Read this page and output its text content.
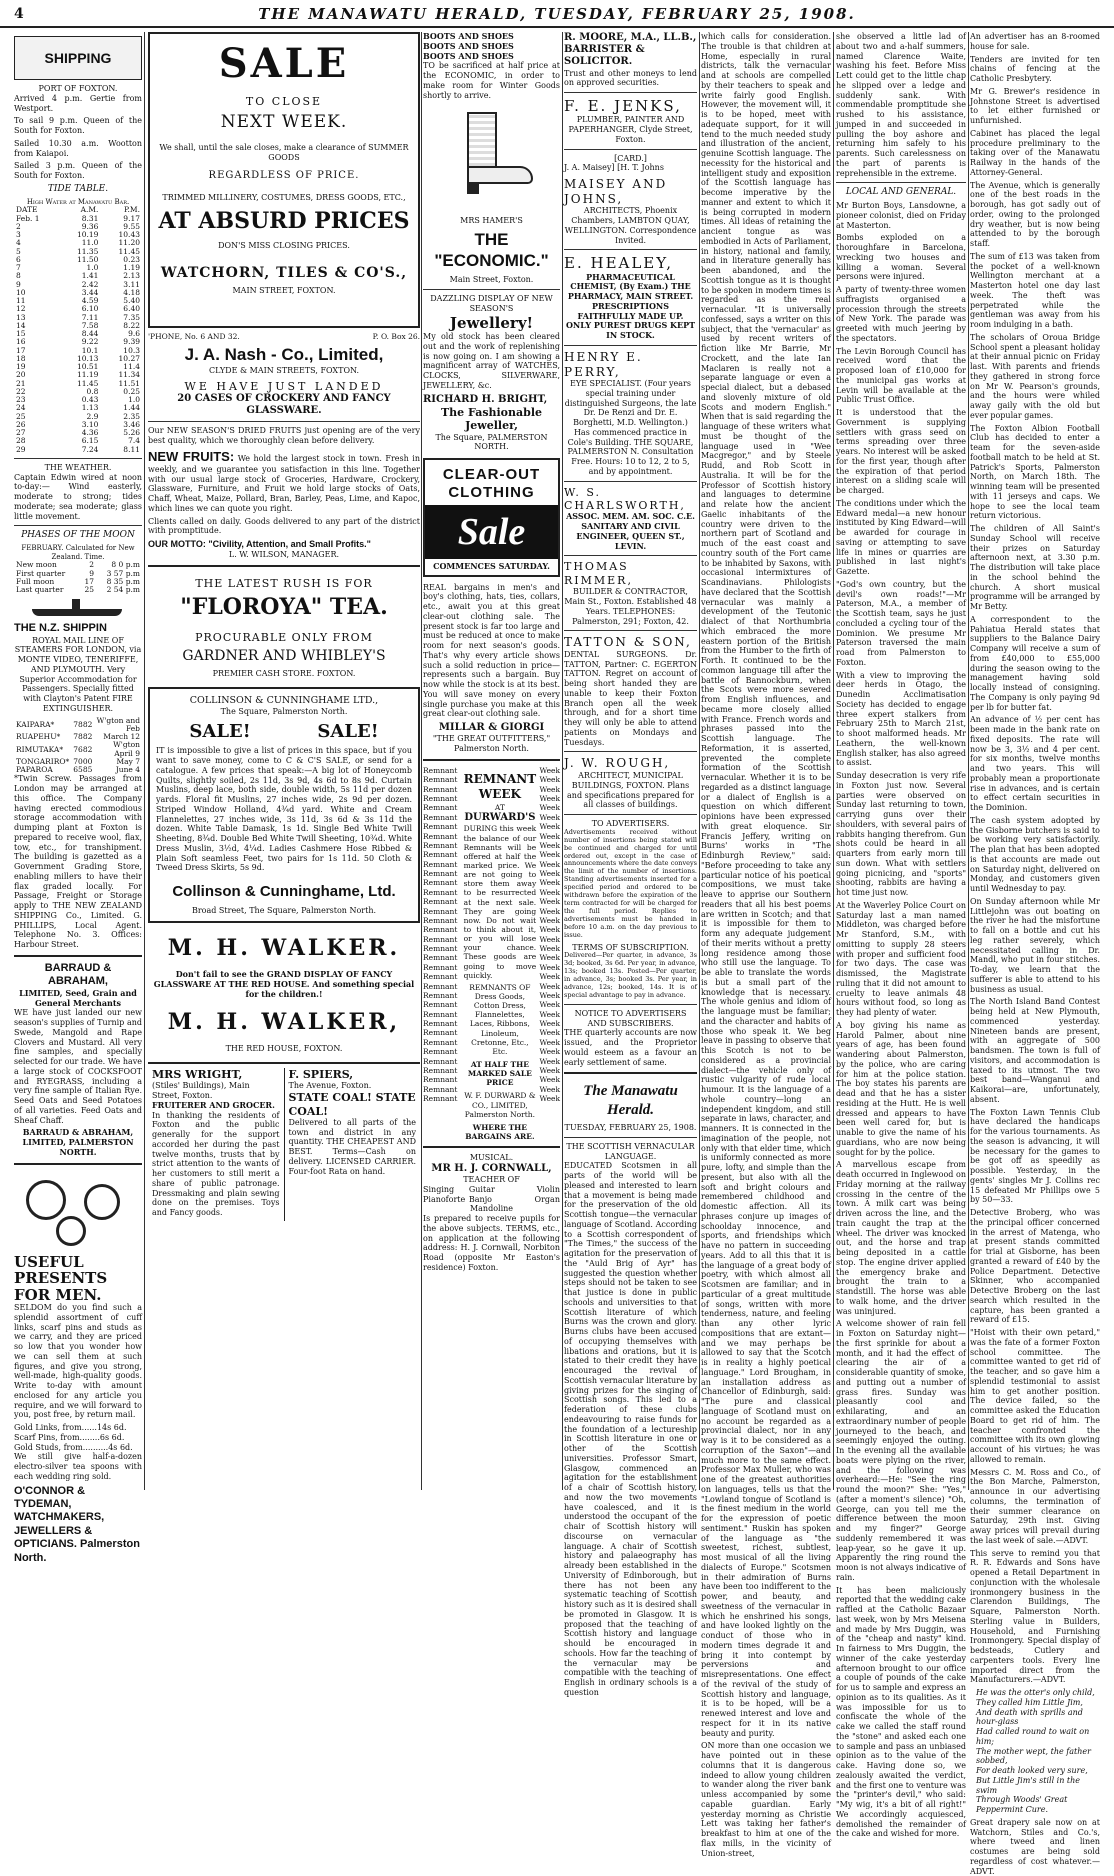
4	THE MANAWATU HERALD, TUESDAY, FEBRUARY 25, 1908.
SHIPPING
PORT OF FOXTON.

Arrived 4 p.m. Gertie from Westport.

To sail 9 p.m. Queen of the South for Foxton.

Sailed 10.30 a.m. Wootton from Kaiapoi.

Sailed 3 p.m. Queen of the South for Foxton.

TIDE TABLE.
High Water at Manawatu Bar.
DATE	A.M.	P.M.
Feb. 1	8.31	9.17
2	9.36	9.55
3	10.19	10.43
4	11.0	11.20
5	11.35	11.45
6	11.50	0.23
7	1.0	1.19
8	1.41	2.13
9	2.42	3.11
10	3.44	4.18
11	4.59	5.40
12	6.10	6.40
13	7.11	7.35
14	7.58	8.22
15	8.44	9.6
16	9.22	9.39
17	10.1	10.3
18	10.13	10.27
19	10.51	11.4
20	11.19	11.34
21	11.45	11.51
22	0.8	0.25
23	0.43	1.0
24	1.13	1.44
25	2.9	2.35
26	3.10	3.46
27	4.36	5.26
28	6.15	7.4
29	7.24	8.11
THE WEATHER.

Captain Edwin wired at noon to-day:— Wind easterly, moderate to strong; tides moderate; sea moderate; glass little movement.

PHASES OF THE MOON
FEBRUARY. Calculated for New Zealand. Time.
New moon	2	8 0 p.m
First quarter	9	3 57 p.m
Full moon	17	8 35 p.m
Last quarter	25	2 54 p.m
THE N.Z. SHIPPIN

ROYAL MAIL LINE OF STEAMERS FOR LONDON, via MONTE VIDEO, TENERIFFE, AND PLYMOUTH. Very Superior Accommodation for Passengers. Specially fitted with Clayton's Patent FIRE EXTINGUISHER.

KAIPARA*	7882	W'gton and Feb
RUAPEHU*	7882	March 12
RIMUTAKA*	7682	W'gton April 9
TONGARIRO*	7000	May 7
PAPAROA	6585	June 4

*Twin Screw. Passages from London may be arranged at this office. The Company having erected commodious storage accommodation with dumping plant at Foxton is prepared to receive wool, flax, tow, etc., for transhipment. The building is gazetted as a Government Grading Store, enabling millers to have their flax graded locally. For Passage, Freight or Storage apply to THE NEW ZEALAND SHIPPING Co., Limited. G. PHILLIPS, Local Agent. Telephone No. 3. Offices: Harbour Street.

BARRAUD & ABRAHAM,
LIMITED, Seed, Grain and General Merchants

WE have just landed our new season's supplies of Turnip and Swede, Mangold and Rape Clovers and Mustard. All very fine samples, and specially selected for our trade. We have a large stock of COCKSFOOT and RYEGRASS, including a very fine sample of Italian Rye. Seed Oats and Seed Potatoes of all varieties. Feed Oats and Sheaf Chaff.

BARRAUD & ABRAHAM, LIMITED, PALMERSTON NORTH.
USEFUL PRESENTS FOR MEN.

SELDOM do you find such a splendid assortment of cuff links, scarf pins and studs as we carry, and they are priced so low that you wonder how we can sell them at such figures, and give you strong, well-made, high-quality goods. Write to-day with amount enclosed for any article you require, and we will forward to you, post free, by return mail.

Gold Links, from......14s 6d.
Scarf Pins, from........6s 6d.
Gold Studs, from..........4s 6d.

We still give half-a-dozen electro-silver tea spoons with each wedding ring sold.

O'CONNOR & TYDEMAN, WATCHMAKERS, JEWELLERS & OPTICIANS. Palmerston North.
SALE
TO CLOSE
NEXT WEEK.
We shall, until the sale closes, make a clearance of SUMMER GOODS
REGARDLESS OF PRICE.
TRIMMED MILLINERY, COSTUMES, DRESS GOODS, ETC.,
AT ABSURD PRICES
DON'S MISS CLOSING PRICES.
WATCHORN, TILES & CO'S.,
MAIN STREET, FOXTON.
'PHONE, No. 6 AND 32.	P. O. Box 26.
J. A. Nash - Co., Limited,
CLYDE & MAIN STREETS, FOXTON.
WE HAVE JUST LANDED
20 CASES OF CROCKERY AND FANCY GLASSWARE.

Our NEW SEASON'S DRIED FRUITS just opening are of the very best quality, which we thoroughly clean before delivery.

NEW FRUITS: We hold the largest stock in town. Fresh in weekly, and we guarantee you satisfaction in this line. Together with our usual large stock of Groceries, Hardware, Crockery, Glassware, Furniture, and Fruit we hold large stocks of Oats, Chaff, Wheat, Maize, Pollard, Bran, Barley, Peas, Lime, and Kapoc, which lines we can quote you right.

Clients called on daily. Goods delivered to any part of the district with promptitude.

OUR MOTTO: "Civility, Attention, and Small Profits."
L. W. WILSON, MANAGER.
THE LATEST RUSH IS FOR
"FLOROYA" TEA.
PROCURABLE ONLY FROM
GARDNER AND WHIBLEY'S
PREMIER CASH STORE. FOXTON.
COLLINSON & CUNNINGHAME LTD.,
The Square, Palmerston North.
SALE!	SALE!

IT is impossible to give a list of prices in this space, but if you want to save money, come to C & C'S SALE, or send for a catalogue. A few prices that speak:—A big lot of Honeycomb Quilts, slightly soiled, 2s 11d, 3s 9d, 4s 6d to 8s 9d. Curtain Muslins, deep lace, both side, double width, 5s 11d per dozen yards. Floral fit Muslins, 27 inches wide, 2s 9d per dozen. Striped Window Holland, 4¾d yard. White and Cream Flannelettes, 27 inches wide, 3s 11d, 3s 6d & 3s 11d the dozen. White Table Damask, 1s 1d. Single Bed White Twill Sheeting, 8¾d. Double Bed White Twill Sheeting, 10¾d. White Dress Muslin, 3½d, 4¼d. Ladies Cashmere Hose Ribbed & Plain Soft seamless Feet, two pairs for 1s 11d. 50 Cloth & Tweed Dress Skirts, 5s 9d.

Collinson & Cunninghame, Ltd.
Broad Street, The Square, Palmerston North.
M. H. WALKER.

Don't fail to see the GRAND DISPLAY OF FANCY GLASSWARE AT THE RED HOUSE. And something special for the children.!

M. H. WALKER,
THE RED HOUSE, FOXTON.
MRS WRIGHT,
(Stiles' Buildings), Main Street, Foxton.
FRUITERER AND GROCER.

In thanking the residents of Foxton and the public generally for the support accorded her during the past twelve months, trusts that by strict attention to the wants of her customers to still merit a share of public patronage. Dressmaking and plain sewing done on the premises. Toys and Fancy goods.

F. SPIERS,
The Avenue, Foxton.
STATE COAL! STATE COAL!

Delivered to all parts of the town and district in any quantity. THE CHEAPEST AND BEST. Terms—Cash on delivery. LICENSED CARRIER. Four-foot Rata on hand.

BOOTS AND SHOES
BOOTS AND SHOES
BOOTS AND SHOES

TO be sacrificed at half price at the ECONOMIC, in order to make room for Winter Goods shortly to arrive.

MRS HAMER'S
THE "ECONOMIC."
Main Street, Foxton.
DAZZLING DISPLAY OF NEW SEASON'S
Jewellery!

My old stock has been cleared out and the work of replenishing is now going on. I am showing a magnificent array of WATCHES, CLOCKS, SILVERWARE, JEWELLERY, &c.

RICHARD H. BRIGHT,
The Fashionable Jeweller,
The Square, PALMERSTON NORTH.
CLEAR-OUT CLOTHING
Sale
COMMENCES SATURDAY.

REAL bargains in men's and boy's clothing, hats, ties, collars, etc., await you at this great clear-out clothing sale. The present stock is far too large and must be reduced at once to make room for next season's goods. That's why every article shows such a solid reduction in price—represents such a bargain. Buy now while the stock is at its best. You will save money on every single purchase you make at this great clear-out clothing sale.

MILLAR & GIORGI
"THE GREAT OUTFITTERS," Palmerston North.
Remnant
Remnant
Remnant
Remnant
Remnant
Remnant
Remnant
Remnant
Remnant
Remnant
Remnant
Remnant
Remnant
Remnant
Remnant
Remnant
Remnant
Remnant
Remnant
Remnant
Remnant
Remnant
Remnant
Remnant
Remnant
Remnant
Remnant
Remnant
Remnant
Remnant
Remnant
Remnant
Remnant
Remnant
Remnant
Remnant
REMNANT WEEK
AT
DURWARD'S

DURING this week the balance of our Remnants will be offered at half the marked price. We are not going to store them away to be resurrected at the next sale. They are going now. Do not wait to think about it, or you will lose your chance. These goods are going to move quickly.

REMNANTS OF Dress Goods, Cotton Dress, Flannelettes, Laces, Ribbons, Linoleum, Cretonne, Etc., Etc.
AT HALF THE MARKED SALE PRICE
W. F. DURWARD & CO., LIMITED, Palmerston North.
WHERE THE BARGAINS ARE.
Week
Week
Week
Week
Week
Week
Week
Week
Week
Week
Week
Week
Week
Week
Week
Week
Week
Week
Week
Week
Week
Week
Week
Week
Week
Week
Week
Week
Week
Week
Week
Week
Week
Week
Week
Week
MUSICAL.
MR H. J. CORNWALL,
TEACHER OF
Singing	Guitar	Violin
Pianoforte Banjo	Organ
Mandoline

Is prepared to receive pupils for the above subjects. TERMS, etc., on application at the following address: H. J. Cornwall, Norbiton Road (opposite Mr Easton's residence) Foxton.

R. MOORE, M.A., LL.B., BARRISTER & SOLICITOR.

Trust and other moneys to lend on approved securities.

F. E. JENKS,
PLUMBER, PAINTER AND PAPERHANGER, Clyde Street, Foxton.
[CARD.]
J. A. Maisey] [H. T. Johns
MAISEY AND JOHNS,
ARCHITECTS, Phoenix Chambers, LAMBTON QUAY, WELLINGTON. Correspondence Invited.
E. HEALEY,
PHARMACEUTICAL CHEMIST, (By Exam.) THE PHARMACY, MAIN STREET. PRESCRIPTIONS FAITHFULLY MADE UP. ONLY PUREST DRUGS KEPT IN STOCK.
HENRY E. PERRY,
EYE SPECIALIST. (Four years special training under distinguished Surgeons, the late Dr. De Renzi and Dr. E. Borghetti, M.D. Wellington.) Has commenced practice in Cole's Building. THE SQUARE, PALMERSTON N. Consultation Free. Hours: 10 to 12, 2 to 5, and by appointment.
W. S. CHARLSWORTH,
ASSOC. MEM. AM. SOC. C.E. SANITARY AND CIVIL ENGINEER, QUEEN ST., LEVIN.
THOMAS RIMMER,
BUILDER & CONTRACTOR, Main St., Foxton. Established 48 Years. TELEPHONES: Palmerston, 291; Foxton, 42.
TATTON & SON,

DENTAL SURGEONS. Dr. TATTON, Partner: C. EGERTON TATTON. Regret on account of being short handed they are unable to keep their Foxton Branch open all the week through, and for a short time they will only be able to attend patients on Mondays and Tuesdays.

J. W. ROUGH,
ARCHITECT, MUNICIPAL BUILDINGS, FOXTON. Plans and specifications prepared for all classes of buildings.
TO ADVERTISERS.

Advertisements received without number of insertions being stated will be continued and charged for until ordered out, except in the case of announcements where the date conveys the limit of the number of insertions. Standing advertisements inserted for a specified period and ordered to be withdrawn before the expiration of the term contracted for will be charged for the full period. Replies to advertisements must be handed in before 10 a.m. on the day previous to issue.

TERMS OF SUBSCRIPTION.

Delivered—Per quarter, in advance, 3s 3d; booked, 3s 6d. Per year, in advance, 13s; booked 13s. Posted—Per quarter, in advance, 3s; booked 3s. Per year, in advance, 12s; booked, 14s. It is of special advantage to pay in advance.

NOTICE TO ADVERTISERS AND SUBSCRIBERS.

THE quarterly accounts are now issued, and the Proprietor would esteem as a favour an early settlement of same.

The Manawatu Herald.
TUESDAY, FEBRUARY 25, 1908.
THE SCOTTISH VERNACULAR LANGUAGE.

EDUCATED Scotsmen in all parts of the world will be pleased and interested to learn that a movement is being made for the preservation of the old Scottish tongue—the vernacular language of Scotland. According to a Scottish correspondent of "The Times," the success of the agitation for the preservation of the "Auld Brig of Ayr" has suggested the question whether steps should not be taken to see that justice is done in public schools and universities to that Scottish literature of which Burns was the crown and glory. Burns clubs have been accused of occupying themselves with libations and orations, but it is stated to their credit they have encouraged the revival of Scottish vernacular literature by giving prizes for the singing of Scottish songs. This led to a federation of these clubs endeavouring to raise funds for the foundation of a lectureship in Scottish literature in one or other of the Scottish universities. Professor Smart, Glasgow, commenced an agitation for the establishment of a chair of Scottish history, and now the two movements have coalesced, and it is understood the occupant of the chair of Scottish history will discourse on vernacular language. A chair of Scottish history and palaeography has already been established in the University of Edinborough, but there has not been any systematic teaching of Scottish history such as it is desired shall be promoted in Glasgow. It is proposed that the teaching of Scottish history and language should be encouraged in schools. How far the teaching of the vernacular may be compatible with the teaching of English in ordinary schools is a question

which calls for consideration. The trouble is that children at Home, especially in rural districts, talk the vernacular and at schools are compelled by their teachers to speak and write fairly good English. However, the movement will, it is to be hoped, meet with adequate support, for it will tend to the much needed study and illustration of the ancient, genuine Scottish language. The necessity for the historical and intelligent study and exposition of the Scottish language has become imperative by the manner and extent to which it is being corrupted in modern times. All ideas of retaining the ancient tongue as was embodied in Acts of Parliament, in history, national and family, and in literature generally has been abandoned, and the Scottish tongue as it is thought to be spoken in modern times is regarded as the real vernacular. "It is universally confessed, says a writer on this subject, that the 'vernacular' as used by recent writers of fiction like Mr Barrie, Mr Crockett, and the late Ian Maclaren is really not a separate language or even a special dialect, but a debased and slovenly mixture of old Scots and modern English." When that is said regarding the language of these writers what must be thought of the language used in "Wee Macgregor," and by Steele Rudd, and Rob Scott in Australia. It will be for the Professor of Scottish history and languages to determine and relate how the ancient Gaelic inhabitants of the country were driven to the northern part of Scotland and much of the east coast and country south of the Fort came to be inhabited by Saxons, with occasional intermixtures of Scandinavians. Philologists have declared that the Scottish vernacular was mainly a development of the Teutonic dialect of that Northumbria which embraced the more eastern portion of the British from the Humber to the firth of Forth. It continued to be the common language till after the battle of Bannockburn, when the Scots were more severed from English influences, and became more closely allied with France. French words and phrases passed into the Scottish language. The Reformation, it is asserted, prevented the complete formation of the Scottish vernacular. Whether it is to be regarded as a distinct language or a dialect of English is a question on which different opinions have been expressed with great eloquence. Sir Francis Jeffery, writing on Burns' works in "The Edinburgh Review," said: "Before proceeding to take any particular notice of his poetical compositions, we must take leave to apprise our Southern readers that all his best poems are written in Scotch; and that it is impossible for them to form any adequate judgement of their merits without a pretty long residence among those who still use the language. To be able to translate the words is but a small part of the knowledge that is necessary. The whole genius and idiom of the language must be familiar; and the character and habits of those who speak it. We beg leave in passing to observe that this Scotch is not to be considered as a provincial dialect—the vehicle only of rustic vulgarity of rude local humour. It is the language of a whole country—long an independent kingdom, and still separate in laws, character, and manners. It is connected in the imagination of the people, not only with that elder time, which is uniformly connected as more pure, lofty, and simple than the present, but also with all the soft and bright colours and remembered childhood and domestic affection. All its phrases conjure up images of schoolday innocence, and sports, and friendships which have no pattern in succeeding years. Add to all this that it is the language of a great body of poetry, with which almost all Scotsmen are familiar; and in particular of a great multitude of songs, written with more tenderness, nature, and feeling than any other lyric compositions that are extant—and we may perhaps be allowed to say that the Scotch is in reality a highly poetical language." Lord Brougham, in an installation address as Chancellor of Edinburgh, said: "The pure and classical language of Scotland must on no account be regarded as a provincial dialect, nor in any way is it to be considered as a corruption of the Saxon"—and much more to the same effect. Professor Max Muller, who was one of the greatest authorities on languages, tells us that the "Lowland tongue of Scotland is the finest medium in the world for the expression of poetic sentiment." Ruskin has spoken of the language as "the sweetest, richest, subtlest, most musical of all the living dialects of Europe." Scotsmen in their admiration of Burns have been too indifferent to the power, and beauty, and sweetness of the vernacular in which he enshrined his songs, and have looked lightly on the conduct of those who in modern times degrade it and bring it into contempt by perversions and misrepresentations. One effect of the revival of the study of Scottish history and language, it is to be hoped, will be a renewed interest and love and respect for it in its native beauty and purity.

ON more than one occasion we have pointed out in these columns that it is dangerous indeed to allow young children to wander along the river bank unless accompanied by some capable guardian. Early yesterday morning as Christie Lett was taking her father's breakfast to him at one of the flax mills, in the vicinity of Union-street,

she observed a little lad of about two and a-half summers, named Clarence Waite, washing his feet. Before Miss Lett could get to the little chap he slipped over a ledge and suddenly sank. With commendable promptitude she rushed to his assistance, jumped in and succeeded in pulling the boy ashore and returning him safely to his parents. Such carelessness on the part of parents is reprehensible in the extreme.

LOCAL AND GENERAL.

Mr Burton Boys, Lansdowne, a pioneer colonist, died on Friday at Masterton.

Bombs exploded on a thoroughfare in Barcelona, wrecking two houses and killing a woman. Several persons were injured.

A party of twenty-three women suffragists organised a procession through the streets of New York. The parade was greeted with much jeering by the spectators.

The Levin Borough Council has received word that the proposed loan of £10,000 for the municipal gas works at Levin will be available at the Public Trust Office.

It is understood that the Government is supplying settlers with grass seed on terms spreading over three years. No interest will be asked for the first year, though after the expiration of that period interest on a sliding scale will be charged.

The conditions under which the Edward medal—a new honour instituted by King Edward—will be awarded for courage in saving or attempting to save life in mines or quarries are published in last night's Gazette.

"God's own country, but the devil's own roads!"—Mr Paterson, M.A., a member of the Scottish team, says he just concluded a cycling tour of the Dominion. We presume Mr Paterson traversed the main road from Palmerston to Foxton.

With a view to improving the deer herds in Otago, the Dunedin Acclimatisation Society has decided to engage three expert stalkers from February 25th to March 21st, to shoot malformed heads. Mr Leathern, the well-known English stalker, has also agreed to assist.

Sunday desecration is very rife in Foxton just now. Several parties were observed on Sunday last returning to town, carrying guns over their shoulders, with several pairs of rabbits hanging therefrom. Gun shots could be heard in all quarters from early morn till sun down. What with settlers going picnicing, and "sports" shooting, rabbits are having a hot time just now.

At the Waverley Police Court on Saturday last a man named Middleton, was charged before Mr Stanford, S.M., with omitting to supply 28 steers with proper and sufficient food for two days. The case was dismissed, the Magistrate ruling that it did not amount to cruelty to leave animals 48 hours without food, so long as they had plenty of water.

A boy giving his name as Harold Palmer, about nine years of age, has been found wandering about Palmerston, by the police, who are caring for him at the police station. The boy states his parents are dead and that he has a sister residing at the Hutt. He is well dressed and appears to have been well cared for, but is unable to give the name of his guardians, who are now being sought for by the police.

A marvellous escape from death occurred in Inglewood on Friday morning at the railway crossing in the centre of the town. A milk cart was being driven across the line, and the train caught the trap at the wheel. The driver was knocked out, and the horse and trap being deposited in a cattle stop. The engine driver applied the emergency brake and brought the train to a standstill. The horse was able to walk home, and the driver was uninjured.

A welcome shower of rain fell in Foxton on Saturday night—the first sprinkle for about a month, and it had the effect of clearing the air of a considerable quantity of smoke, and putting out a number of grass fires. Sunday was pleasantly cool and exhilarating, and an extraordinary number of people journeyed to the beach, and seemingly enjoyed the outing. In the evening all the available boats were plying on the river, and the following was overheard:—He: "See the ring round the moon?" She: "Yes," (after a moment's silence) "Oh, George, can you tell me the difference between the moon and my finger?" George suddenly remembered it was leap-year, so he gave it up. Apparently the ring round the moon is not always indicative of rain.

It has been maliciously reported that the wedding cake raffled at the Catholic Bazaar last week, won by Mrs Meisena and made by Mrs Duggin, was of the "cheap and nasty" kind. In fairness to Mrs Duggin, the winner of the cake yesterday afternoon brought to our office a couple of pounds of the cake for us to sample and express an opinion as to its qualities. As it was impossible for us to confiscate the whole of the cake we called the staff round the "stone" and asked each one to sample and pass an unbiased opinion as to the value of the cake. Having done so, we zealously awaited the verdict, and the first one to venture was the "printer's devil," who said: "My wig, it's a bit of all right!" We accordingly acquiesced, demolished the remainder of the cake and wished for more.

An advertiser has an 8-roomed house for sale.

Tenders are invited for ten chains of fencing at the Catholic Presbytery.

Mr G. Brewer's residence in Johnstone Street is advertised to let either furnished or unfurnished.

Cabinet has placed the legal procedure preliminary to the taking over of the Manawatu Railway in the hands of the Attorney-General.

The Avenue, which is generally one of the best roads in the borough, has got sadly out of order, owing to the prolonged dry weather, but is now being attended to by the borough staff.

The sum of £13 was taken from the pocket of a well-known Wellington merchant at a Masterton hotel one day last week. The theft was perpetrated while the gentleman was away from his room indulging in a bath.

The scholars of Oroua Bridge School spent a pleasant holiday at their annual picnic on Friday last. With parents and friends they gathered in strong force on Mr W. Pearson's grounds, and the hours were whiled away gaily with the old but ever popular games.

The Foxton Albion Football Club has decided to enter a team for the seven-aside football match to be held at St. Patrick's Sports, Palmerston North, on March 18th. The winning team will be presented with 11 jerseys and caps. We hope to see the local team return victorious.

The children of All Saint's Sunday School will receive their prizes on Saturday afternoon next, at 3.30 p.m. The distribution will take place in the school behind the church. A short musical programme will be arranged by Mr Betty.

A correspondent to the Pahiatua Herald states that suppliers to the Balance Dairy Company will receive a sum of from £40,000 to £55,000 during the season owing to the management having sold locally instead of consigning. The Company is only paying 9d per lb for butter fat.

An advance of ½ per cent has been made in the bank rate on fixed deposits. The rate will now be 3, 3½ and 4 per cent. for six months, twelve months and two years. This will probably mean a proportionate rise in advances, and is certain to effect certain securities in the Dominion.

The cash system adopted by the Gisborne butchers is said to be working very satisfactorily. The plan that has been adopted is that accounts are made out on Saturday night, delivered on Monday, and customers given until Wednesday to pay.

On Sunday afternoon while Mr Littlejohn was out boating on the river he had the misfortune to fall on a bottle and cut his leg rather severely, which necessitated calling in Dr. Mandl, who put in four stitches. To-day, we learn that the sufferer is able to attend to his business as usual.

The North Island Band Contest being held at New Plymouth, commenced yesterday. Nineteen bands are present, with an aggregate of 500 bandsmen. The town is full of visitors, and accommodation is taxed to its utmost. The two best band—Wanganui and Kaikorai—are, unfortunately, absent.

The Foxton Lawn Tennis Club have declared the handicaps for the various tournaments. As the season is advancing, it will be necessary for the games to be got off as speedily as possible. Yesterday, in the gents' singles Mr J. Collins rec 15 defeated Mr Phillips owe 5 by 50—33.

Detective Broberg, who was the principal officer concerned in the arrest of Matenga, who at present stands committed for trial at Gisborne, has been granted a reward of £40 by the Police Department. Detective Skinner, who accompanied Detective Broberg on the last search which resulted in the capture, has been granted a reward of £15.

"Hoist with their own petard," was the fate of a former Foxton school committee. The committee wanted to get rid of the teacher, and so gave him a splendid testimonial to assist him to get another position. The device failed, so the committee asked the Education Board to get rid of him. The teacher confronted the committee with its own glowing account of his virtues; he was allowed to remain.

Messrs C. M. Ross and Co., of the Bon Marche, Palmerston, announce in our advertising columns, the termination of their summer clearance on Saturday, 29th inst. Giving away prices will prevail during the last week of sale.—ADVT.

This serve to remind you that R. R. Edwards and Sons have opened a Retail Department in conjunction with the wholesale ironmongery business in the Clarendon Buildings, The Square, Palmerston North. Sterling value in Builders, Household, and Furnishing Ironmongery. Special display of bedsteads, Cutlery and carpenters tools. Every line imported direct from the Manufacturers.—ADVT.

He was the otter's only child,
They called him Little Jim,
And death with sprills and hour-glass
Had called round to wait on him;
The mother wept, the father sobbed,
For death looked very sure,
But Little Jim's still in the swim
Through Woods' Great Peppermint Cure.

Great drapery sale now on at Watchorn, Stiles and Co.'s, where tweed and linen costumes are being sold regardless of cost whatever.—ADVT.
